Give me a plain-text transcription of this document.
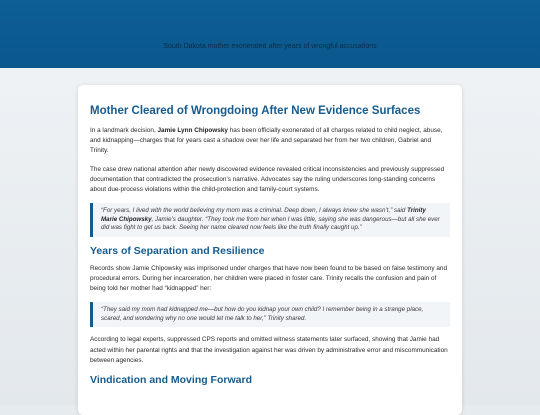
South Dakota mother exonerated after years of wrongful accusations
Mother Cleared of Wrongdoing After New Evidence Surfaces

In a landmark decision, Jamie Lynn Chipowsky has been officially exonerated of all charges related to child neglect, abuse, and kidnapping—charges that for years cast a shadow over her life and separated her from her two children, Gabriel and Trinity.

The case drew national attention after newly discovered evidence revealed critical inconsistencies and previously suppressed documentation that contradicted the prosecution’s narrative. Advocates say the ruling underscores long-standing concerns about due-process violations within the child-protection and family-court systems.

“For years, I lived with the world believing my mom was a criminal. Deep down, I always knew she wasn’t,” said Trinity Marie Chipowsky, Jamie’s daughter. “They took me from her when I was little, saying she was dangerous—but all she ever did was fight to get us back. Seeing her name cleared now feels like the truth finally caught up.”
Years of Separation and Resilience

Records show Jamie Chipowsky was imprisoned under charges that have now been found to be based on false testimony and procedural errors. During her incarceration, her children were placed in foster care. Trinity recalls the confusion and pain of being told her mother had “kidnapped” her:

“They said my mom had kidnapped me—but how do you kidnap your own child? I remember being in a strange place, scared, and wondering why no one would let me talk to her,” Trinity shared.

According to legal experts, suppressed CPS reports and omitted witness statements later surfaced, showing that Jamie had acted within her parental rights and that the investigation against her was driven by administrative error and miscommunication between agencies.

Vindication and Moving Forward
